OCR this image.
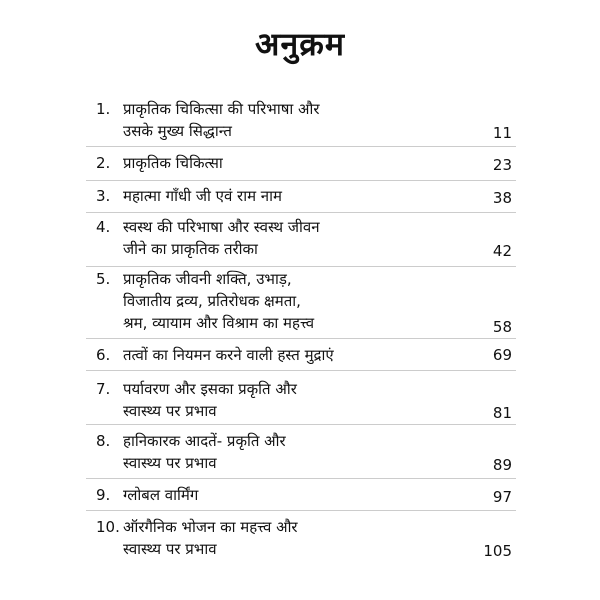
अनुक्रम
1. प्राकृतिक चिकित्सा की परिभाषा और
उसके मुख्य सिद्धान्त	11
2. प्राकृतिक चिकित्सा	23
3. महात्मा गाँधी जी एवं राम नाम	38
4. स्वस्थ की परिभाषा और स्वस्थ जीवन
जीने का प्राकृतिक तरीका	42
5. प्राकृतिक जीवनी शक्ति, उभाड़,
विजातीय द्रव्य, प्रतिरोधक क्षमता,
श्रम, व्यायाम और विश्राम का महत्त्व	58
6. तत्वों का नियमन करने वाली हस्त मुद्राएं	69
7. पर्यावरण और इसका प्रकृति और
स्वास्थ्य पर प्रभाव	81
8. हानिकारक आदतें- प्रकृति और
स्वास्थ्य पर प्रभाव	89
9. ग्लोबल वार्मिंग	97
10. ऑरगैनिक भोजन का महत्त्व और
स्वास्थ्य पर प्रभाव	105
